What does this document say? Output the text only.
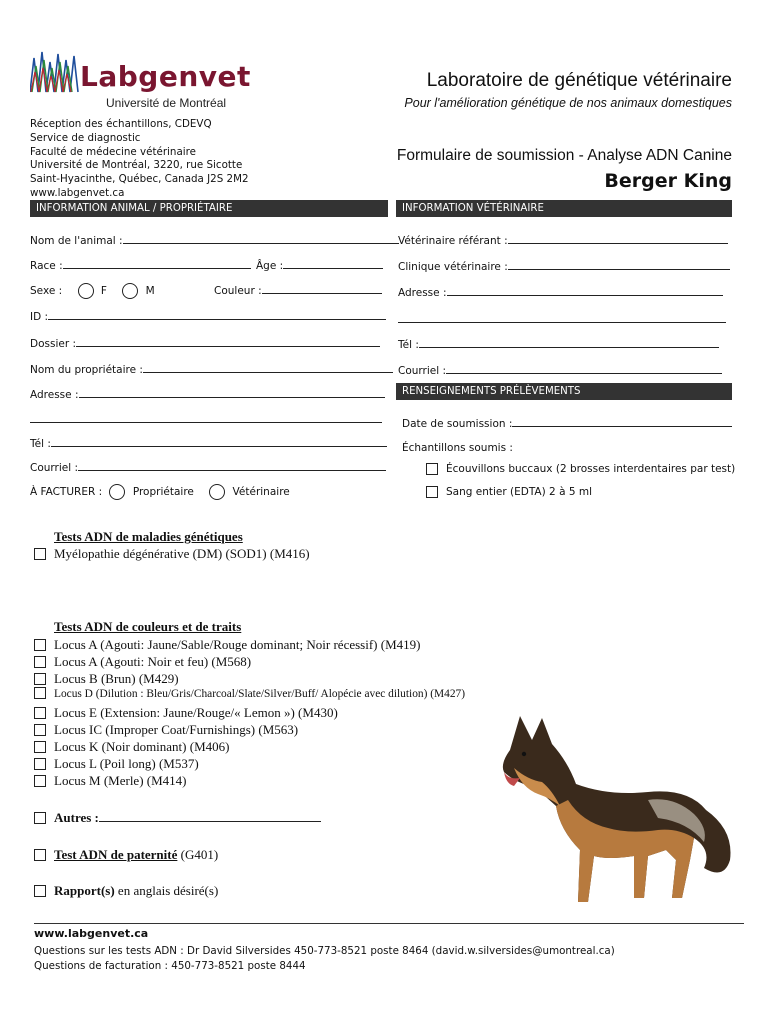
Labgenvet
Université de Montréal
Laboratoire de génétique vétérinaire
Pour l'amélioration génétique de nos animaux domestiques
Réception des échantillons, CDEVQ
Service de diagnostic
Faculté de médecine vétérinaire
Université de Montréal, 3220, rue Sicotte
Saint-Hyacinthe, Québec, Canada J2S 2M2
www.labgenvet.ca
Formulaire de soumission - Analyse ADN Canine
Berger King
INFORMATION ANIMAL / PROPRIÉTAIRE	INFORMATION VÉTÉRINAIRE
Nom de l'animal :
Race :	Âge :
Sexe :	F	M	Couleur :
ID :
Dossier :
Nom du propriétaire :
Adresse :
Tél :
Courriel :
À FACTURER :	Propriétaire	Vétérinaire
Vétérinaire référant :
Clinique vétérinaire :
Adresse :
Tél :
Courriel :
RENSEIGNEMENTS PRÉLÈVEMENTS
Date de soumission :
Échantillons soumis :
Écouvillons buccaux (2 brosses interdentaires par test)
Sang entier (EDTA) 2 à 5 ml
Tests ADN de maladies génétiques
Myélopathie dégénérative (DM) (SOD1) (M416)
Tests ADN de couleurs et de traits
Locus A (Agouti: Jaune/Sable/Rouge dominant; Noir récessif) (M419)
Locus A (Agouti: Noir et feu) (M568)
Locus B (Brun) (M429)
Locus D (Dilution : Bleu/Gris/Charcoal/Slate/Silver/Buff/ Alopécie avec dilution) (M427)
Locus E (Extension: Jaune/Rouge/« Lemon ») (M430)
Locus IC (Improper Coat/Furnishings) (M563)
Locus K (Noir dominant) (M406)
Locus L (Poil long) (M537)
Locus M (Merle) (M414)
Autres :
Test ADN de paternité (G401)
Rapport(s) en anglais désiré(s)
www.labgenvet.ca
Questions sur les tests ADN : Dr David Silversides 450-773-8521 poste 8464 (david.w.silversides@umontreal.ca)
Questions de facturation : 450-773-8521 poste 8444
